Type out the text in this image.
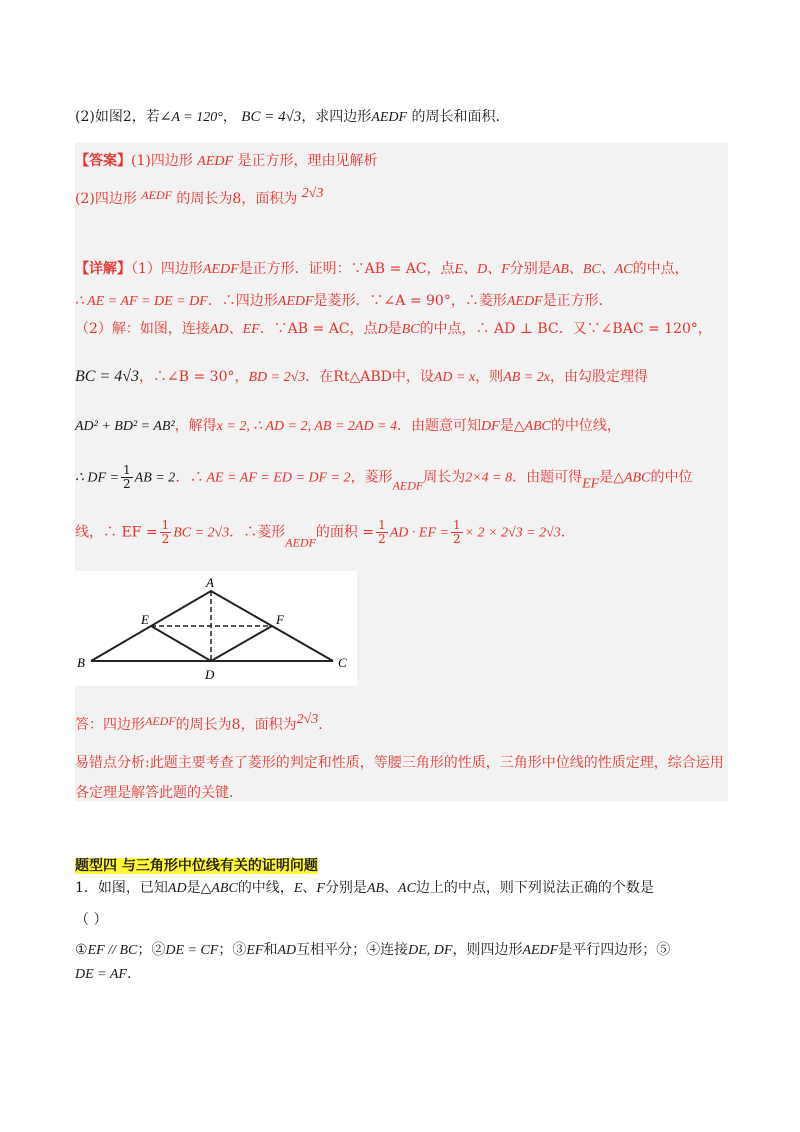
(2)如图2，若∠A = 120°， BC = 4√3，求四边形AEDF 的周长和面积.
【答案】(1)四边形 AEDF 是正方形，理由见解析
(2)四边形 AEDF 的周长为8，面积为 2√3
【详解】（1）四边形AEDF是正方形．证明：∵AB = AC，点E、D、F分别是AB、BC、AC的中点，
∴ AE = AF = DE = DF．∴四边形AEDF是菱形．∵∠A = 90°，∴菱形AEDF是正方形.
（2）解：如图，连接AD、EF．∵AB = AC，点D是BC的中点，∴ AD ⊥ BC．又∵∠BAC = 120°，
BC = 4√3，∴∠B = 30°，BD = 2√3．在Rt△ABD中，设AD = x，则AB = 2x，由勾股定理得
AD² + BD² = AB²，解得x = 2, ∴ AD = 2, AB = 2AD = 4．由题意可知DF是△ABC的中位线，
∴ DF = $\frac{1}{2}$ AB = 2．∴ AE = AF = ED = DF = 2，菱形AEDF周长为2×4 = 8．由题可得EF是△ABC的中位
线，∴ EF = $\frac{1}{2}$ BC = 2√3．∴菱形AEDF的面积 = $\frac{1}{2}$ AD · EF = $\frac{1}{2} \times 2 \times 2√3 = 2√3$.
A
B	C
D
E	F
答：四边形AEDF的周长为8，面积为2√3.
易错点分析:此题主要考查了菱形的判定和性质，等腰三角形的性质，三角形中位线的性质定理，综合运用
各定理是解答此题的关键.
题型四 与三角形中位线有关的证明问题
1．如图，已知AD是△ABC的中线，E、F分别是AB、AC边上的中点，则下列说法正确的个数是
（ ）
①EF // BC；②DE = CF；③EF和AD互相平分；④连接DE, DF，则四边形AEDF是平行四边形；⑤
DE = AF.
